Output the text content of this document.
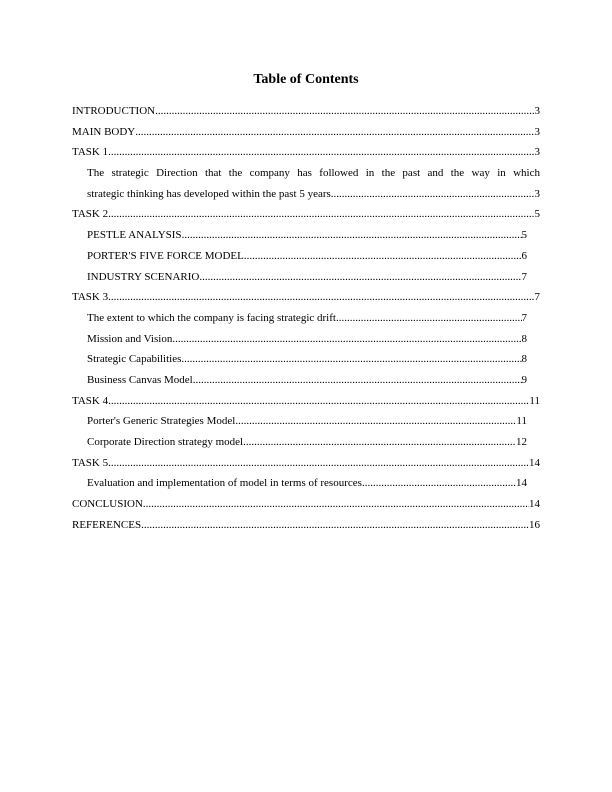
Table of Contents
INTRODUCTION .....	3
MAIN BODY .....	3
TASK 1 .....	3
The strategic Direction that the company has followed in the past and the way in which
strategic thinking has developed within the past 5 years .....	3
TASK 2 .....	5
PESTLE ANALYSIS .....	5
PORTER'S FIVE FORCE MODEL .....	6
INDUSTRY SCENARIO .....	7
TASK 3 .....	7
The extent to which the company is facing strategic drift .....	7
Mission and Vision .....	8
Strategic Capabilities .....	8
Business Canvas Model .....	9
TASK 4 .....	11
Porter's Generic Strategies Model .....	11
Corporate Direction strategy model .....	12
TASK 5 .....	14
Evaluation and implementation of model in terms of resources .....	14
CONCLUSION .....	14
REFERENCES .....	16
